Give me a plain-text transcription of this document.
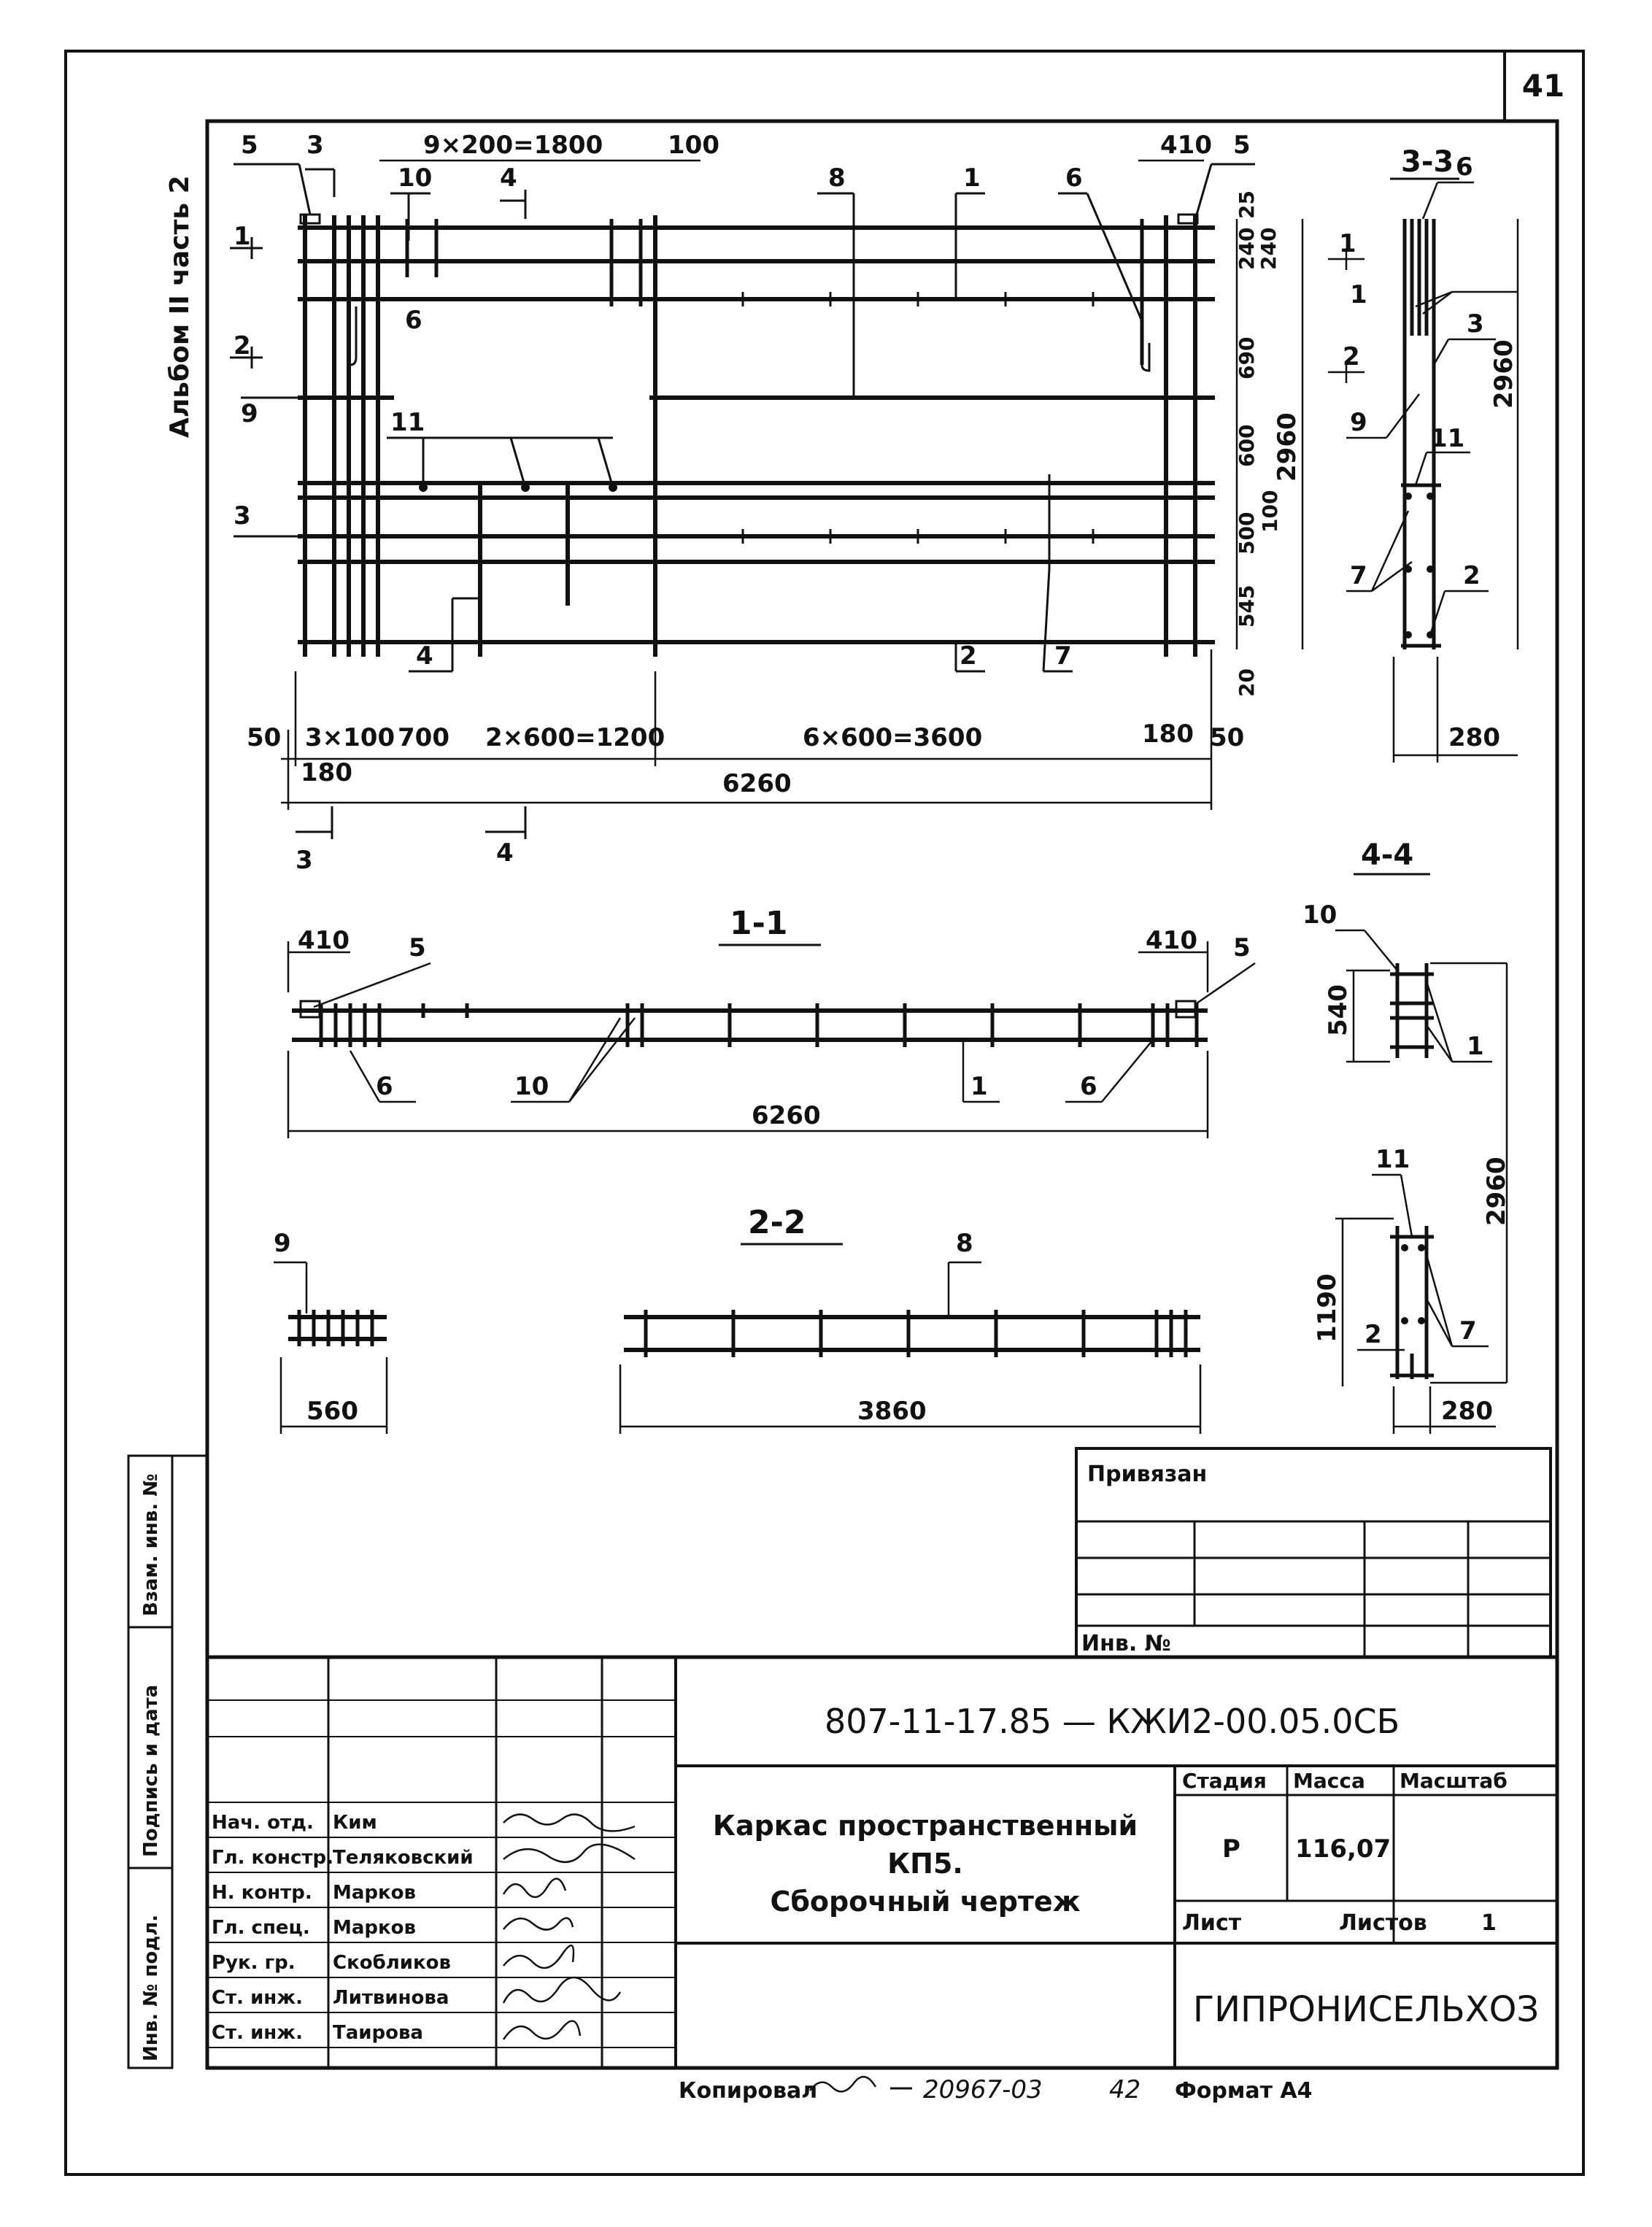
41
Альбом II часть 2
9×200=1800	100	410
25
240
240
690
600
100
500
545
20
2960
50 3×100
180
700 2×600=1200	6×600=3600	180 50
6260
5 3	5
10	4	8	1	6
6
1
2
9	11
3
4	2	7
3	4
3-3 6
1
1
3
2
9
11
7	2
2960
280
1-1
410	410
6260
5	5
6	10	1	6
4-4
10
1
540
2960
11
1190 2	7
280
2-2
9	8
560	3860
Привязан
Инв. №
807-11-17.85 — КЖИ2-00.05.0СБ
Каркас пространственный
КП5.
Сборочный чертеж
Стадия Масса Масштаб
Р 116,07
Лист	Листов 1
ГИПРОНИСЕЛЬХОЗ
Нач. отд. Ким
Гл. констр. Теляковский
Н. контр. Марков
Гл. спец. Марков
Рук. гр. Скобликов
Ст. инж. Литвинова
Ст. инж. Таирова
Взам. инв. №
Подпись и дата
Инв. № подл.
Копировал	20967-03	42 Формат А4
